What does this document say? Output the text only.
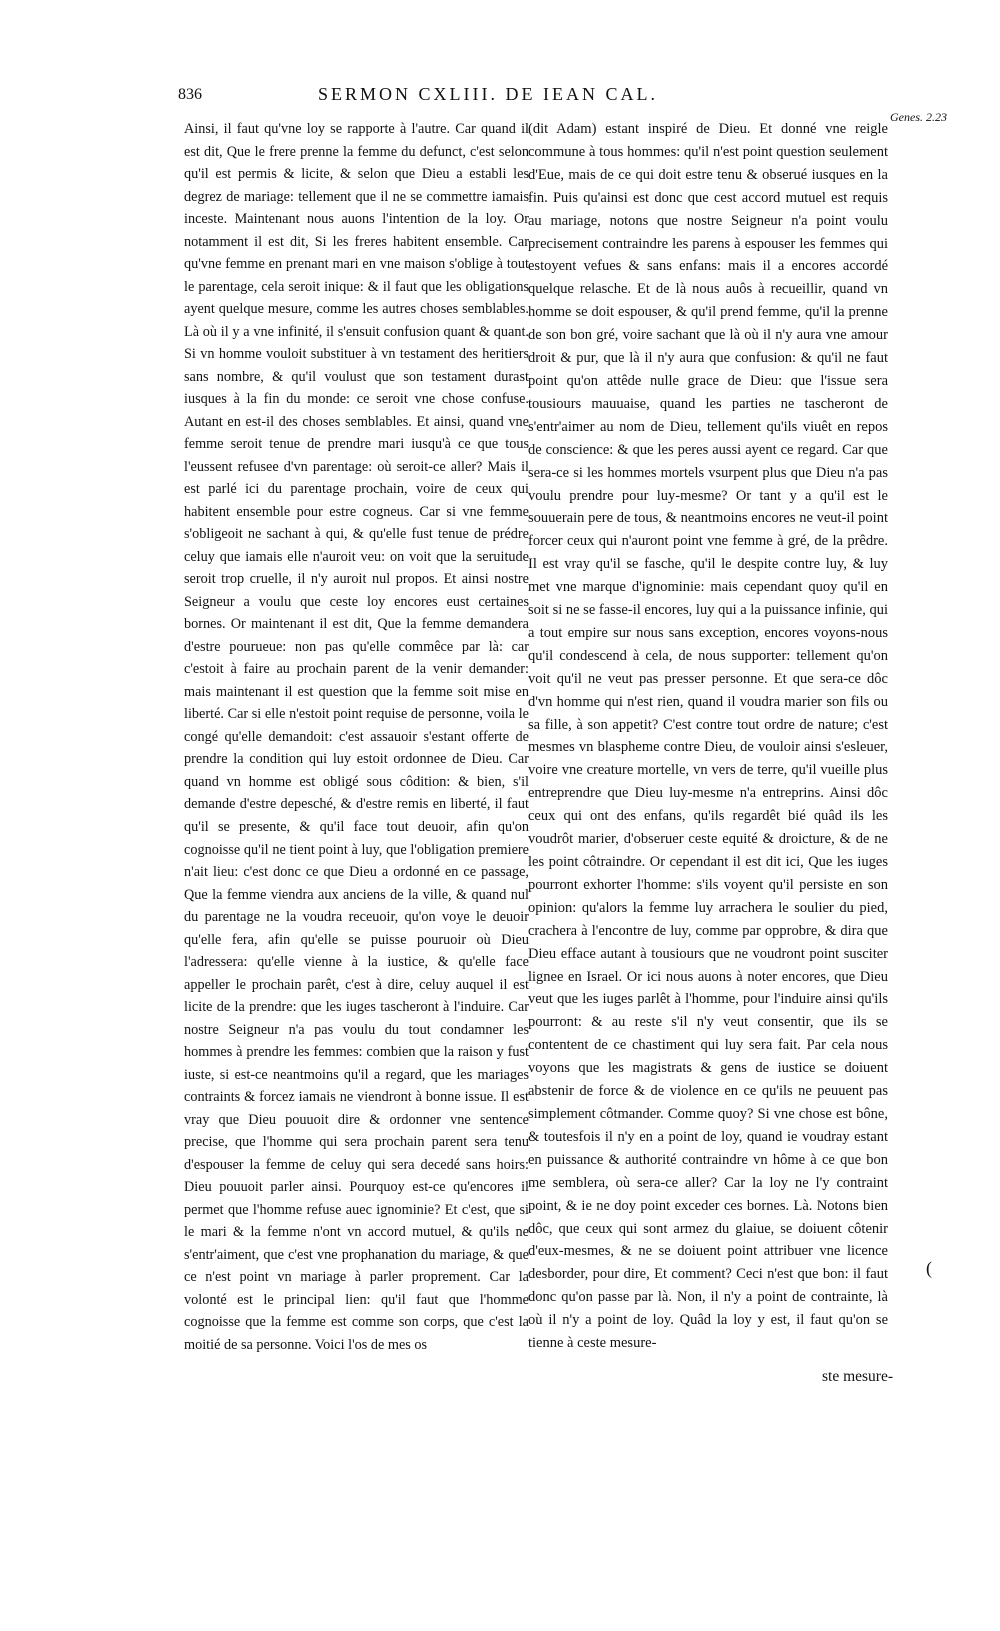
836	SERMON CXLIII. DE IEAN CAL.

Ainsi, il faut qu'vne loy se rapporte à l'autre. Car quand il est dit, Que le frere prenne la femme du defunct, c'est selon qu'il est permis & licite, & selon que Dieu a establi les degrez de mariage: tellement que il ne se commettre iamais inceste. Maintenant nous auons l'intention de la loy. Or notamment il est dit, Si les freres habitent ensemble. Car qu'vne femme en prenant mari en vne maison s'oblige à tout le parentage, cela seroit inique: & il faut que les obligations ayent quelque mesure, comme les autres choses semblables. Là où il y a vne infinité, il s'ensuit confusion quant & quant. Si vn homme vouloit substituer à vn testament des heritiers sans nombre, & qu'il voulust que son testament durast iusques à la fin du monde: ce seroit vne chose confuse. Autant en est-il des choses semblables. Et ainsi, quand vne femme seroit tenue de prendre mari iusqu'à ce que tous l'eussent refusee d'vn parentage: où seroit-ce aller? Mais il est parlé ici du parentage prochain, voire de ceux qui habitent ensemble pour estre cogneus. Car si vne femme s'obligeoit ne sachant à qui, & qu'elle fust tenue de prédre celuy que iamais elle n'auroit veu: on voit que la seruitude seroit trop cruelle, il n'y auroit nul propos. Et ainsi nostre Seigneur a voulu que ceste loy encores eust certaines bornes. Or maintenant il est dit, Que la femme demandera d'estre pourueue: non pas qu'elle commêce par là: car c'estoit à faire au prochain parent de la venir demander: mais maintenant il est question que la femme soit mise en liberté. Car si elle n'estoit point requise de personne, voila le congé qu'elle demandoit: c'est assauoir s'estant offerte de prendre la condition qui luy estoit ordonnee de Dieu. Car quand vn homme est obligé sous côdition: & bien, s'il demande d'estre depesché, & d'estre remis en liberté, il faut qu'il se presente, & qu'il face tout deuoir, afin qu'on cognoisse qu'il ne tient point à luy, que l'obligation premiere n'ait lieu: c'est donc ce que Dieu a ordonné en ce passage, Que la femme viendra aux anciens de la ville, & quand nul du parentage ne la voudra receuoir, qu'on voye le deuoir qu'elle fera, afin qu'elle se puisse pouruoir où Dieu l'adressera: qu'elle vienne à la iustice, & qu'elle face appeller le prochain parêt, c'est à dire, celuy auquel il est licite de la prendre: que les iuges tascheront à l'induire. Car nostre Seigneur n'a pas voulu du tout condamner les hommes à prendre les femmes: combien que la raison y fust iuste, si est-ce neantmoins qu'il a regard, que les mariages contraints & forcez iamais ne viendront à bonne issue. Il est vray que Dieu pouuoit dire & ordonner vne sentence precise, que l'homme qui sera prochain parent sera tenu d'espouser la femme de celuy qui sera decedé sans hoirs: Dieu pouuoit parler ainsi. Pourquoy est-ce qu'encores il permet que l'homme refuse auec ignominie? Et c'est, que si le mari & la femme n'ont vn accord mutuel, & qu'ils ne s'entr'aiment, que c'est vne prophanation du mariage, & que ce n'est point vn mariage à parler proprement. Car la volonté est le principal lien: qu'il faut que l'homme cognoisse que la femme est comme son corps, que c'est la moitié de sa personne. Voici l'os de mes os

(dit Adam) estant inspiré de Dieu. Et donné vne reigle commune à tous hommes: qu'il n'est point question seulement d'Eue, mais de ce qui doit estre tenu & obserué iusques en la fin. Puis qu'ainsi est donc que cest accord mutuel est requis au mariage, notons que nostre Seigneur n'a point voulu precisement contraindre les parens à espouser les femmes qui estoyent vefues & sans enfans: mais il a encores accordé quelque relasche. Et de là nous auôs à recueillir, quand vn homme se doit espouser, & qu'il prend femme, qu'il la prenne de son bon gré, voire sachant que là où il n'y aura vne amour droit & pur, que là il n'y aura que confusion: & qu'il ne faut point qu'on attêde nulle grace de Dieu: que l'issue sera tousiours mauuaise, quand les parties ne tascheront de s'entr'aimer au nom de Dieu, tellement qu'ils viuêt en repos de conscience: & que les peres aussi ayent ce regard. Car que sera-ce si les hommes mortels vsurpent plus que Dieu n'a pas voulu prendre pour luy-mesme? Or tant y a qu'il est le souuerain pere de tous, & neantmoins encores ne veut-il point forcer ceux qui n'auront point vne femme à gré, de la prêdre. Il est vray qu'il se fasche, qu'il le despite contre luy, & luy met vne marque d'ignominie: mais cependant quoy qu'il en soit si ne se fasse-il encores, luy qui a la puissance infinie, qui a tout empire sur nous sans exception, encores voyons-nous qu'il condescend à cela, de nous supporter: tellement qu'on voit qu'il ne veut pas presser personne. Et que sera-ce dôc d'vn homme qui n'est rien, quand il voudra marier son fils ou sa fille, à son appetit? C'est contre tout ordre de nature; c'est mesmes vn blaspheme contre Dieu, de vouloir ainsi s'esleuer, voire vne creature mortelle, vn vers de terre, qu'il vueille plus entreprendre que Dieu luy-mesme n'a entreprins. Ainsi dôc ceux qui ont des enfans, qu'ils regardêt bié quâd ils les voudrôt marier, d'obseruer ceste equité & droicture, & de ne les point côtraindre. Or cependant il est dit ici, Que les iuges pourront exhorter l'homme: s'ils voyent qu'il persiste en son opinion: qu'alors la femme luy arrachera le soulier du pied, crachera à l'encontre de luy, comme par opprobre, & dira que Dieu efface autant à tousiours que ne voudront point susciter lignee en Israel. Or ici nous auons à noter encores, que Dieu veut que les iuges parlêt à l'homme, pour l'induire ainsi qu'ils pourront: & au reste s'il n'y veut consentir, que ils se contentent de ce chastiment qui luy sera fait. Par cela nous voyons que les magistrats & gens de iustice se doiuent abstenir de force & de violence en ce qu'ils ne peuuent pas simplement côtmander. Comme quoy? Si vne chose est bône, & toutesfois il n'y en a point de loy, quand ie voudray estant en puissance & authorité contraindre vn hôme à ce que bon me semblera, où sera-ce aller? Car la loy ne l'y contraint point, & ie ne doy point exceder ces bornes. Là. Notons bien dôc, que ceux qui sont armez du glaiue, se doiuent côtenir d'eux-mesmes, & ne se doiuent point attribuer vne licence desborder, pour dire, Et comment? Ceci n'est que bon: il faut donc qu'on passe par là. Non, il n'y a point de contrainte, là où il n'y a point de loy. Quâd la loy y est, il faut qu'on se tienne à ceste mesure-

Genes. 2.23
ste mesure-
(
